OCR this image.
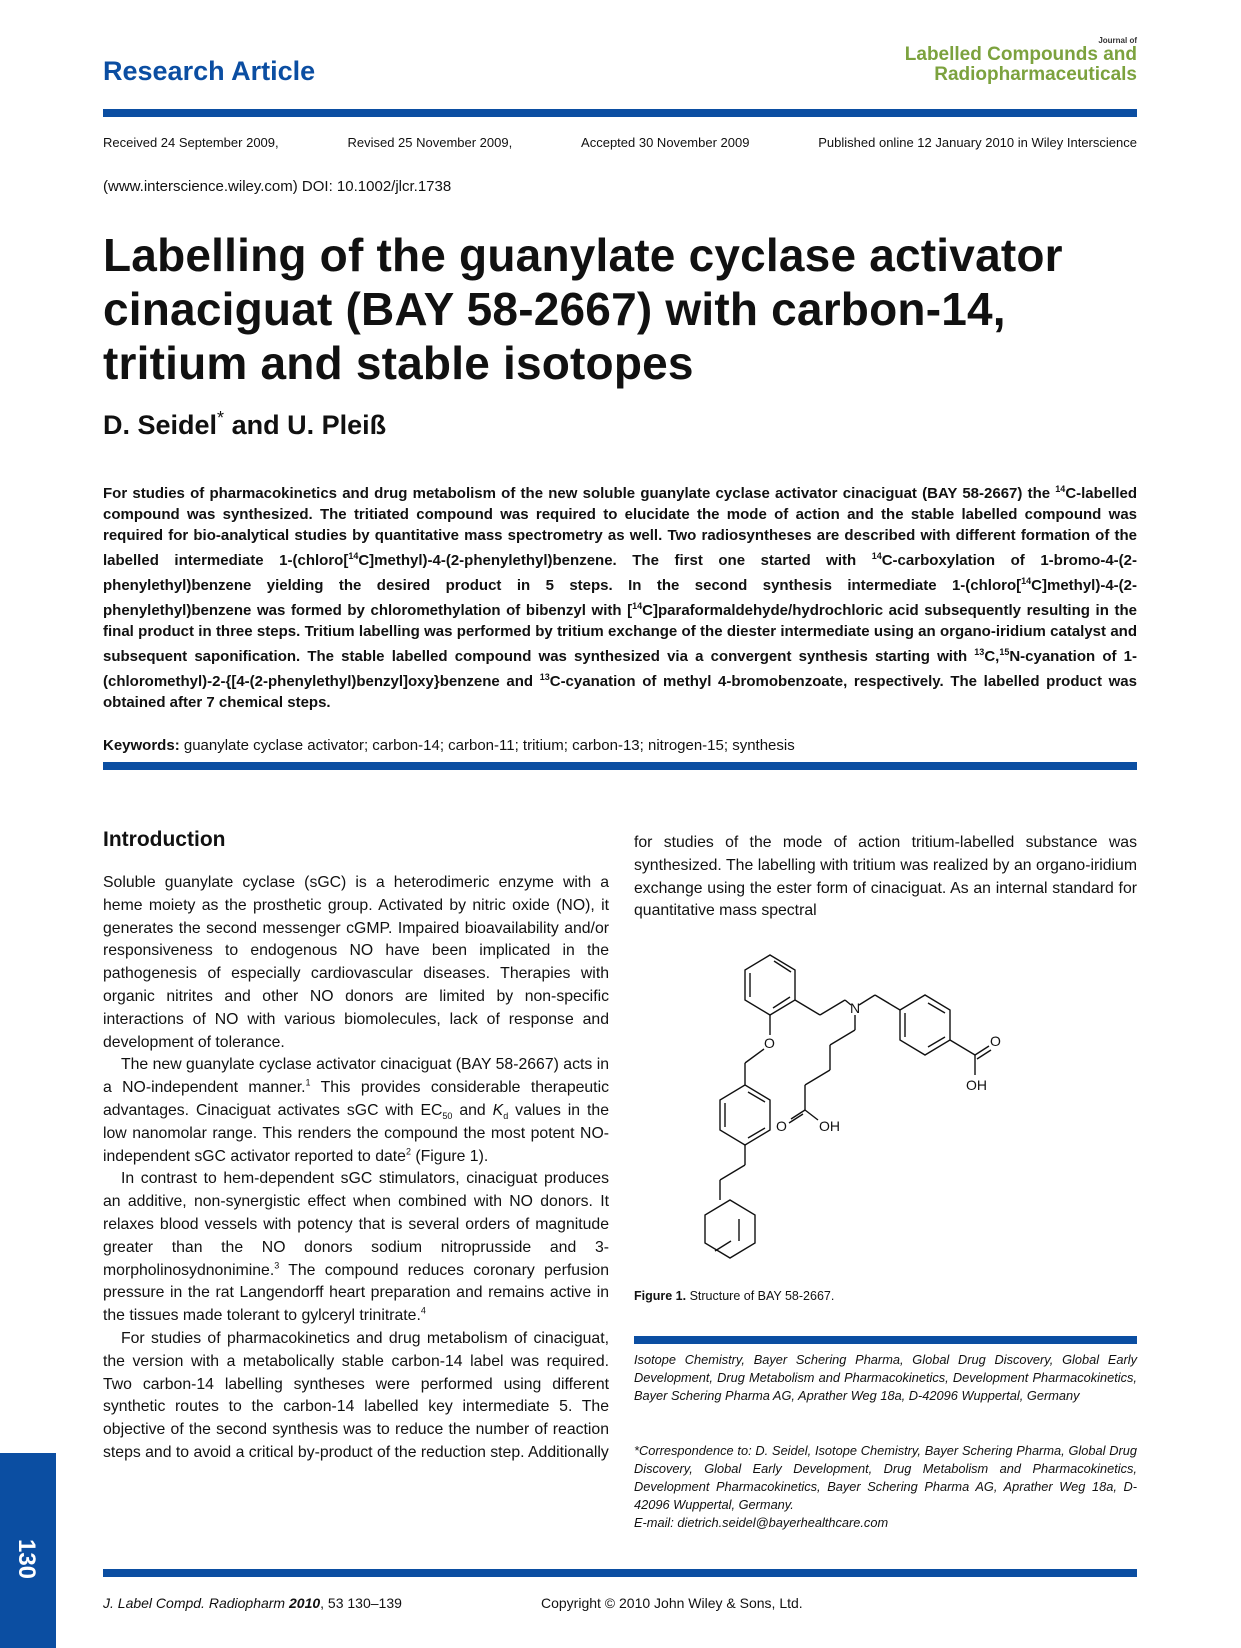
Research Article
Journal of
Labelled Compounds and
Radiopharmaceuticals
Received 24 September 2009,	Revised 25 November 2009,	Accepted 30 November 2009	Published online 12 January 2010 in Wiley Interscience
(www.interscience.wiley.com) DOI: 10.1002/jlcr.1738
Labelling of the guanylate cyclase activator
cinaciguat (BAY 58-2667) with carbon-14,
tritium and stable isotopes
D. Seidel* and U. Pleiß
For studies of pharmacokinetics and drug metabolism of the new soluble guanylate cyclase activator cinaciguat (BAY 58-2667) the $^{14}$C-labelled compound was synthesized. The tritiated compound was required to elucidate the mode of action and the stable labelled compound was required for bio-analytical studies by quantitative mass spectrometry as well. Two radiosyntheses are described with different formation of the labelled intermediate 1-(chloro[$^{14}$C]methyl)-4-(2-phenylethyl)benzene. The first one started with $^{14}$C-carboxylation of 1-bromo-4-(2-phenylethyl)benzene yielding the desired product in 5 steps. In the second synthesis intermediate 1-(chloro[$^{14}$C]methyl)-4-(2-phenylethyl)benzene was formed by chloromethylation of bibenzyl with [$^{14}$C]paraformaldehyde/hydrochloric acid subsequently resulting in the final product in three steps. Tritium labelling was performed by tritium exchange of the diester intermediate using an organo-iridium catalyst and subsequent saponification. The stable labelled compound was synthesized via a convergent synthesis starting with $^{13}$C,$^{15}$N-cyanation of 1-(chloromethyl)-2-{[4-(2-phenylethyl)benzyl]oxy}benzene and $^{13}$C-cyanation of methyl 4-bromobenzoate, respectively. The labelled product was obtained after 7 chemical steps.
Keywords: guanylate cyclase activator; carbon-14; carbon-11; tritium; carbon-13; nitrogen-15; synthesis
Introduction

Soluble guanylate cyclase (sGC) is a heterodimeric enzyme with a heme moiety as the prosthetic group. Activated by nitric oxide (NO), it generates the second messenger cGMP. Impaired bioavailability and/or responsiveness to endogenous NO have been implicated in the pathogenesis of especially cardiovascular diseases. Therapies with organic nitrites and other NO donors are limited by non-specific interactions of NO with various biomolecules, lack of response and development of tolerance.

The new guanylate cyclase activator cinaciguat (BAY 58-2667) acts in a NO-independent manner.$^1$ This provides considerable therapeutic advantages. Cinaciguat activates sGC with $EC_{50}$ and $K_d$ values in the low nanomolar range. This renders the compound the most potent NO-independent sGC activator reported to date$^2$ (Figure 1).

In contrast to hem-dependent sGC stimulators, cinaciguat produces an additive, non-synergistic effect when combined with NO donors. It relaxes blood vessels with potency that is several orders of magnitude greater than the NO donors sodium nitroprusside and 3-morpholinosydnonimine.$^3$ The compound reduces coronary perfusion pressure in the rat Langendorff heart preparation and remains active in the tissues made tolerant to gylceryl trinitrate.$^4$

For studies of pharmacokinetics and drug metabolism of cinaciguat, the version with a metabolically stable carbon-14 label was required. Two carbon-14 labelling syntheses were performed using different synthetic routes to the carbon-14 labelled key intermediate 5. The objective of the second synthesis was to reduce the number of reaction steps and to avoid a critical by-product of the reduction step. Additionally

for studies of the mode of action tritium-labelled substance was synthesized. The labelling with tritium was realized by an organo-iridium exchange using the ester form of cinaciguat. As an internal standard for quantitative mass spectral

N
O	O
OH
O OH
Figure 1. Structure of BAY 58-2667.
Isotope Chemistry, Bayer Schering Pharma, Global Drug Discovery, Global Early Development, Drug Metabolism and Pharmacokinetics, Development Pharmacokinetics, Bayer Schering Pharma AG, Aprather Weg 18a, D-42096 Wuppertal, Germany
*Correspondence to: D. Seidel, Isotope Chemistry, Bayer Schering Pharma, Global Drug Discovery, Global Early Development, Drug Metabolism and Pharmacokinetics, Development Pharmacokinetics, Bayer Schering Pharma AG, Aprather Weg 18a, D-42096 Wuppertal, Germany.
E-mail: dietrich.seidel@bayerhealthcare.com
130
J. Label Compd. Radiopharm 2010, 53 130–139	Copyright © 2010 John Wiley & Sons, Ltd.
